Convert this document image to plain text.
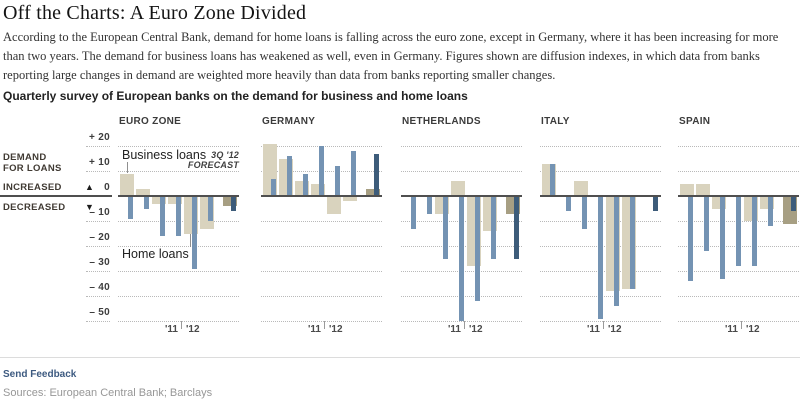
Off the Charts: A Euro Zone Divided
According to the European Central Bank, demand for home loans is falling across the euro zone, except in Germany, where it has been increasing for more than two years. The demand for business loans has weakened as well, even in Germany. Figures shown are diffusion indexes, in which data from banks reporting large changes in demand are weighted more heavily than data from banks reporting smaller changes.
Quarterly survey of European banks on the demand for business and home loans
DEMAND
FOR LOANS
INCREASED	▲
DECREASED ▼
+ 20
+ 10
0
– 10
– 20
– 30
– 40
– 50
EURO ZONE
'11 '12
Business loans
Home loans
3Q '12
FORECAST
GERMANY
'11 '12
NETHERLANDS
'11 '12
ITALY
'11 '12
SPAIN
'11 '12
Send Feedback
Sources: European Central Bank; Barclays
